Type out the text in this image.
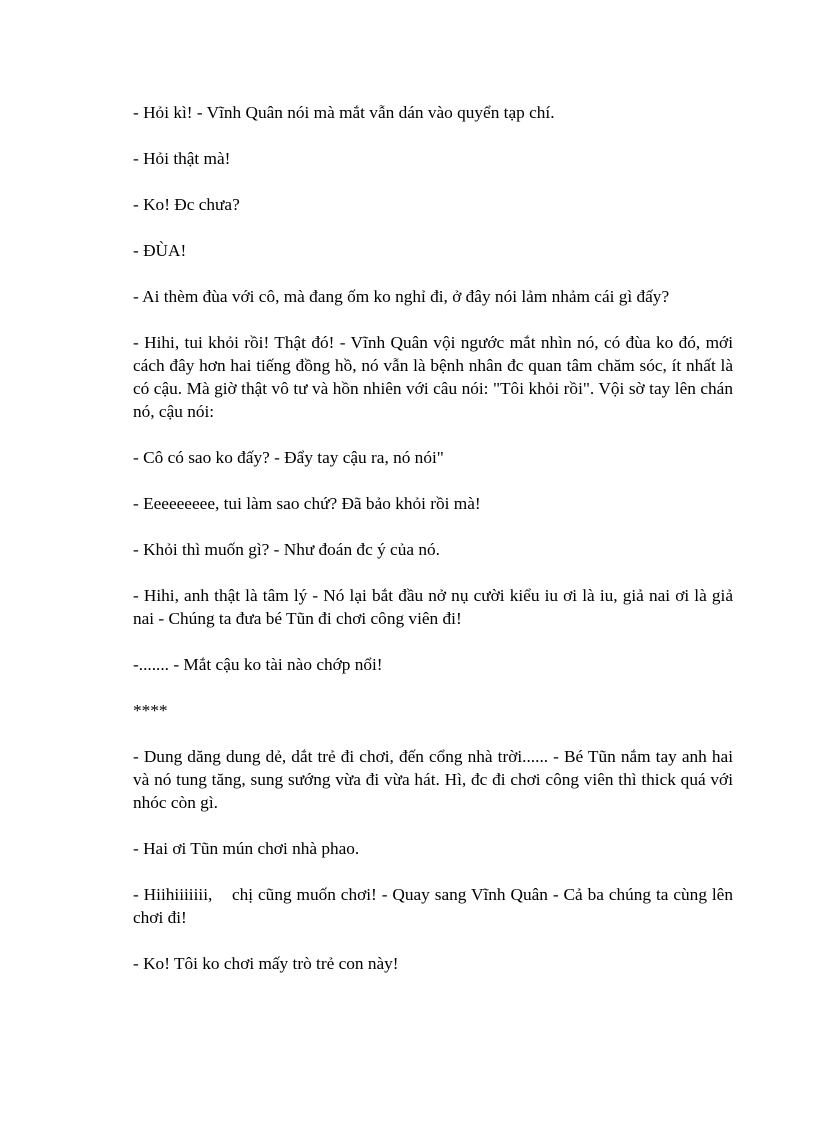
- Hỏi kì! - Vĩnh Quân nói mà mắt vẫn dán vào quyển tạp chí.

- Hỏi thật mà!

- Ko! Đc chưa?

- ĐÙA!

- Ai thèm đùa với cô, mà đang ốm ko nghỉ đi, ở đây nói lảm nhảm cái gì đấy?

- Hihi, tui khỏi rồi! Thật đó! - Vĩnh Quân vội ngước mắt nhìn nó, có đùa ko đó, mới cách đây hơn hai tiếng đồng hồ, nó vẫn là bệnh nhân đc quan tâm chăm sóc, ít nhất là có cậu. Mà giờ thật vô tư và hồn nhiên với câu nói: "Tôi khỏi rồi". Vội sờ tay lên chán nó, cậu nói:

- Cô có sao ko đấy? - Đẩy tay cậu ra, nó nói"

- Eeeeeeeee, tui làm sao chứ? Đã bảo khỏi rồi mà!

- Khỏi thì muốn gì? - Như đoán đc ý của nó.

- Hihi, anh thật là tâm lý - Nó lại bắt đầu nở nụ cười kiểu iu ơi là iu, giả nai ơi là giả nai - Chúng ta đưa bé Tũn đi chơi công viên đi!

-....... - Mắt cậu ko tài nào chớp nổi!

****

- Dung dăng dung dẻ, dắt trẻ đi chơi, đến cổng nhà trời...... - Bé Tũn nắm tay anh hai và nó tung tăng, sung sướng vừa đi vừa hát. Hì, đc đi chơi công viên thì thick quá với nhóc còn gì.

- Hai ơi Tũn mún chơi nhà phao.

- Hiihiiiiiii,    chị cũng muốn chơi! - Quay sang Vĩnh Quân - Cả ba chúng ta cùng lên chơi đi!

- Ko! Tôi ko chơi mấy trò trẻ con này!
